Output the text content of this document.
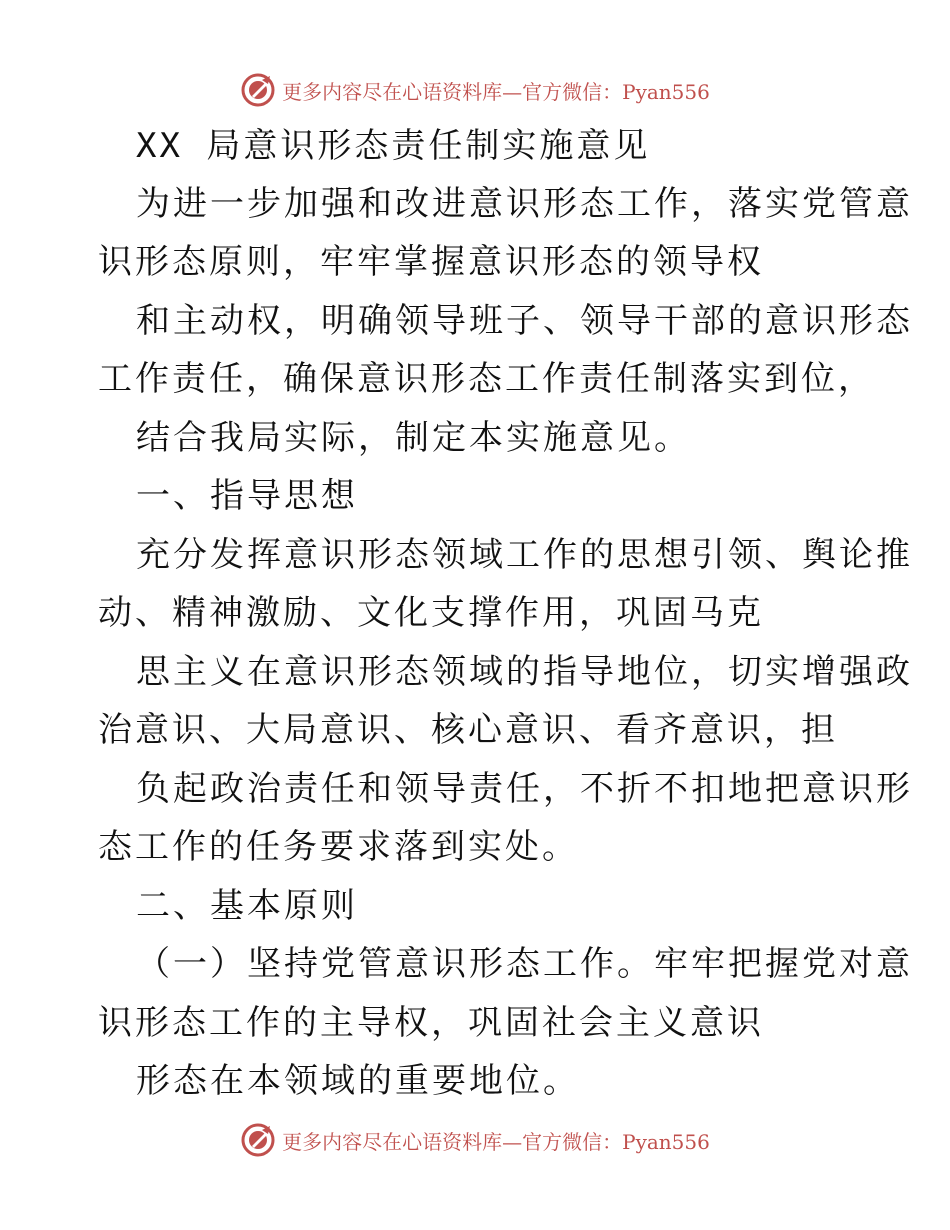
更多内容尽在心语资料库—官方微信：Pyan556
XX 局意识形态责任制实施意见
为进一步加强和改进意识形态工作，落实党管意
识形态原则，牢牢掌握意识形态的领导权
和主动权，明确领导班子、领导干部的意识形态
工作责任，确保意识形态工作责任制落实到位，
结合我局实际，制定本实施意见。
一、指导思想
充分发挥意识形态领域工作的思想引领、舆论推
动、精神激励、文化支撑作用，巩固马克
思主义在意识形态领域的指导地位，切实增强政
治意识、大局意识、核心意识、看齐意识，担
负起政治责任和领导责任，不折不扣地把意识形
态工作的任务要求落到实处。
二、基本原则
（一）坚持党管意识形态工作。牢牢把握党对意
识形态工作的主导权，巩固社会主义意识
形态在本领域的重要地位。
更多内容尽在心语资料库—官方微信：Pyan556
